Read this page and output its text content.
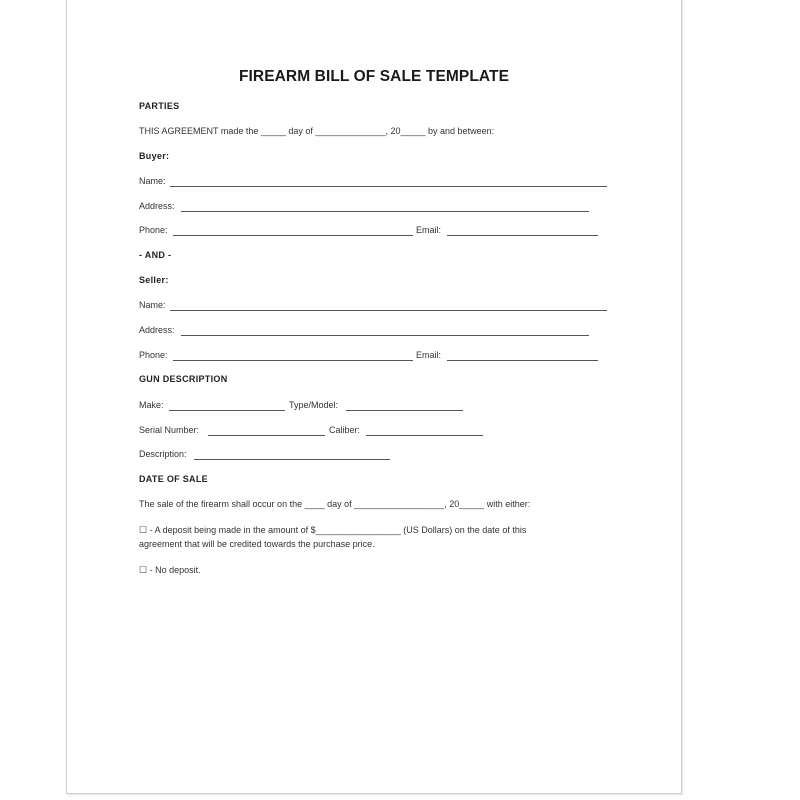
FIREARM BILL OF SALE TEMPLATE
PARTIES
THIS AGREEMENT made the _____ day of ______________, 20_____ by and between:
Buyer:
Name:
Address:
Phone:	Email:
- AND -
Seller:
Name:
Address:
Phone:	Email:
GUN DESCRIPTION
Make:	Type/Model:
Serial Number:	Caliber:
Description:
DATE OF SALE
The sale of the firearm shall occur on the ____ day of __________________, 20_____ with either:
☐ - A deposit being made in the amount of $_________________ (US Dollars) on the date of this
agreement that will be credited towards the purchase price.
☐ - No deposit.
